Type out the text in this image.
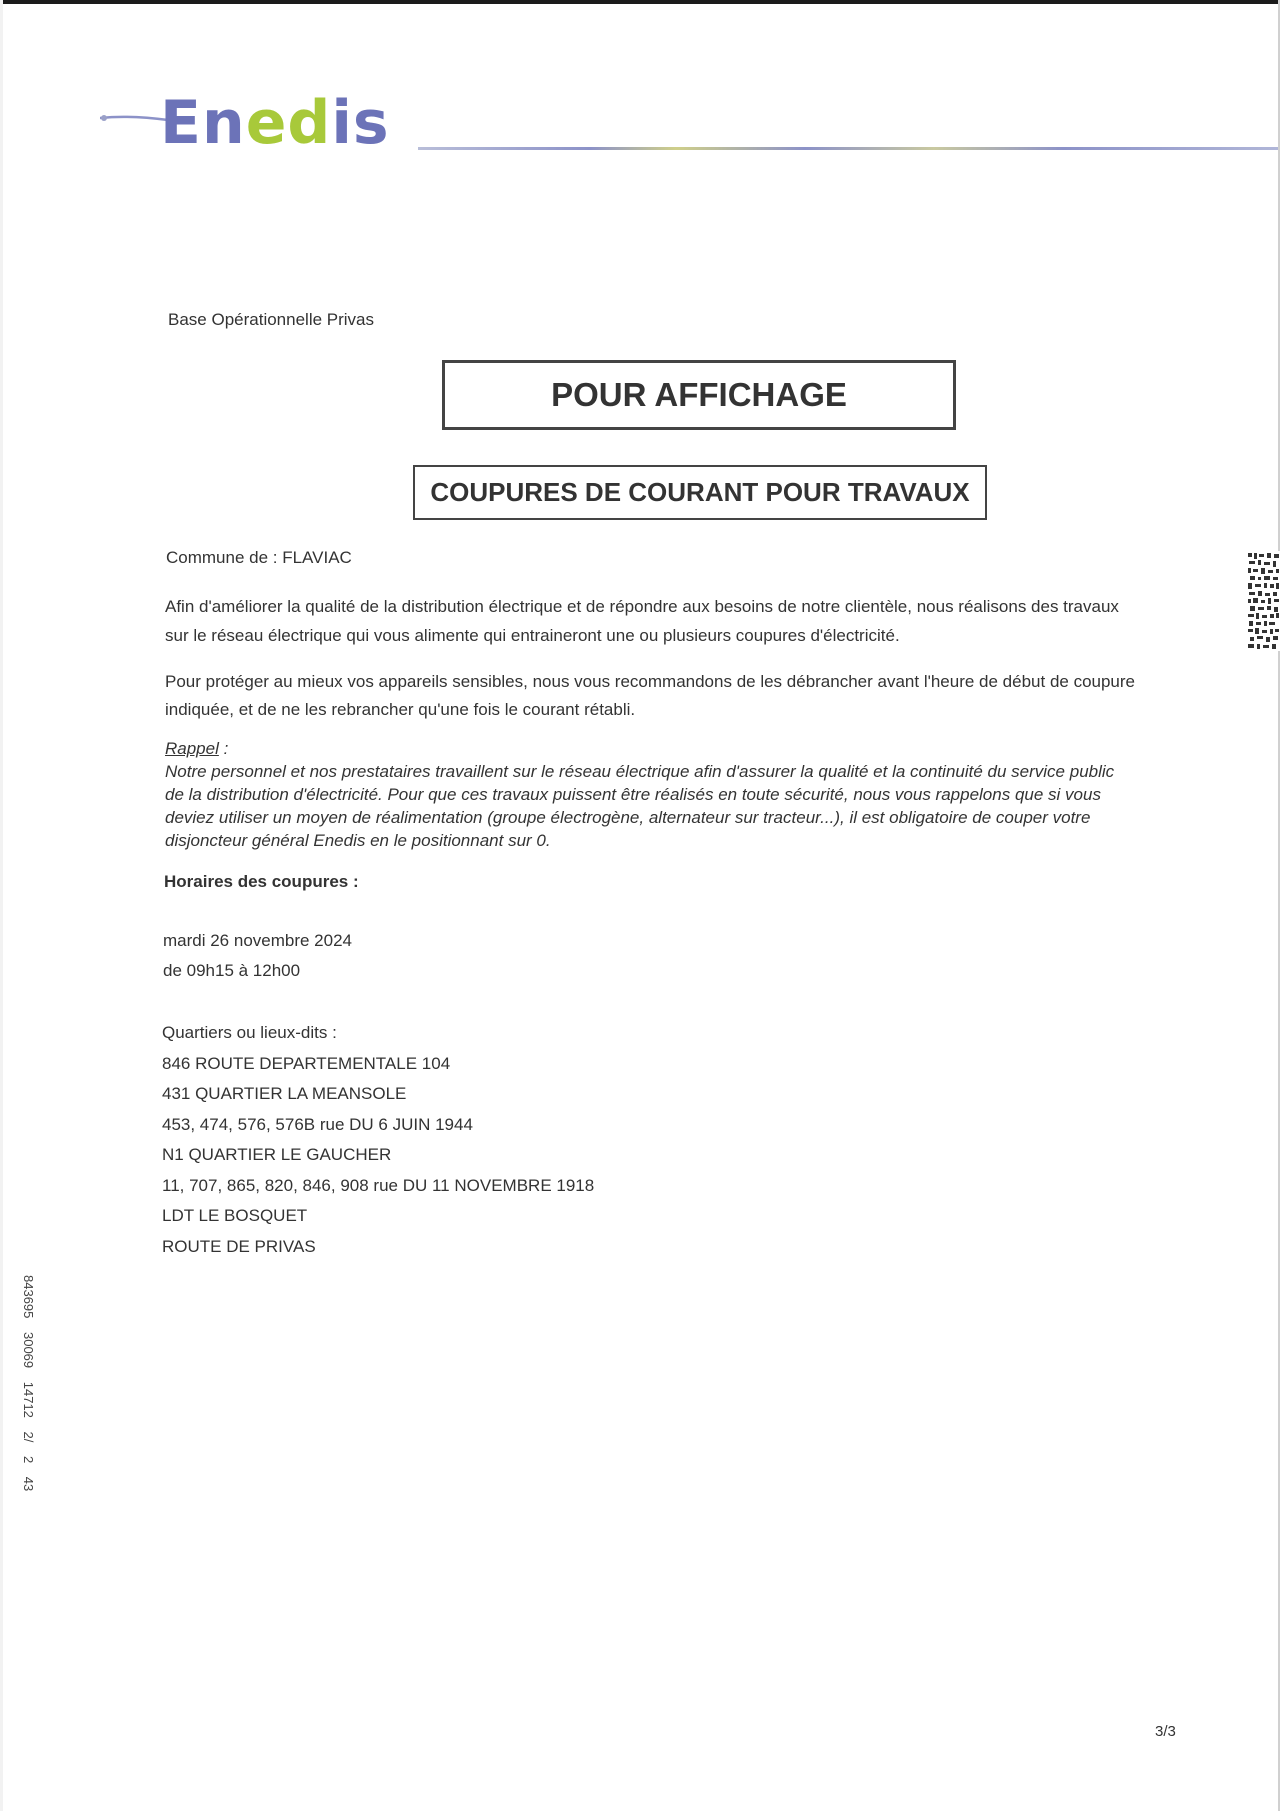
Enedis
Base Opérationnelle Privas
POUR AFFICHAGE
COUPURES DE COURANT POUR TRAVAUX
Commune de : FLAVIAC
Afin d'améliorer la qualité de la distribution électrique et de répondre aux besoins de notre clientèle, nous réalisons des travaux
sur le réseau électrique qui vous alimente qui entraineront une ou plusieurs coupures d'électricité.
Pour protéger au mieux vos appareils sensibles, nous vous recommandons de les débrancher avant l'heure de début de coupure
indiquée, et de ne les rebrancher qu'une fois le courant rétabli.
Rappel :
Notre personnel et nos prestataires travaillent sur le réseau électrique afin d'assurer la qualité et la continuité du service public
de la distribution d'électricité. Pour que ces travaux puissent être réalisés en toute sécurité, nous vous rappelons que si vous
deviez utiliser un moyen de réalimentation (groupe électrogène, alternateur sur tracteur...), il est obligatoire de couper votre
disjoncteur général Enedis en le positionnant sur 0.
Horaires des coupures :
mardi 26 novembre 2024
de 09h15 à 12h00
Quartiers ou lieux-dits :
846 ROUTE DEPARTEMENTALE 104
431 QUARTIER LA MEANSOLE
453, 474, 576, 576B rue DU 6 JUIN 1944
N1 QUARTIER LE GAUCHER
11, 707, 865, 820, 846, 908 rue DU 11 NOVEMBRE 1918
LDT LE BOSQUET
ROUTE DE PRIVAS
843695 30069 14712 2/ 2 43
3/3
